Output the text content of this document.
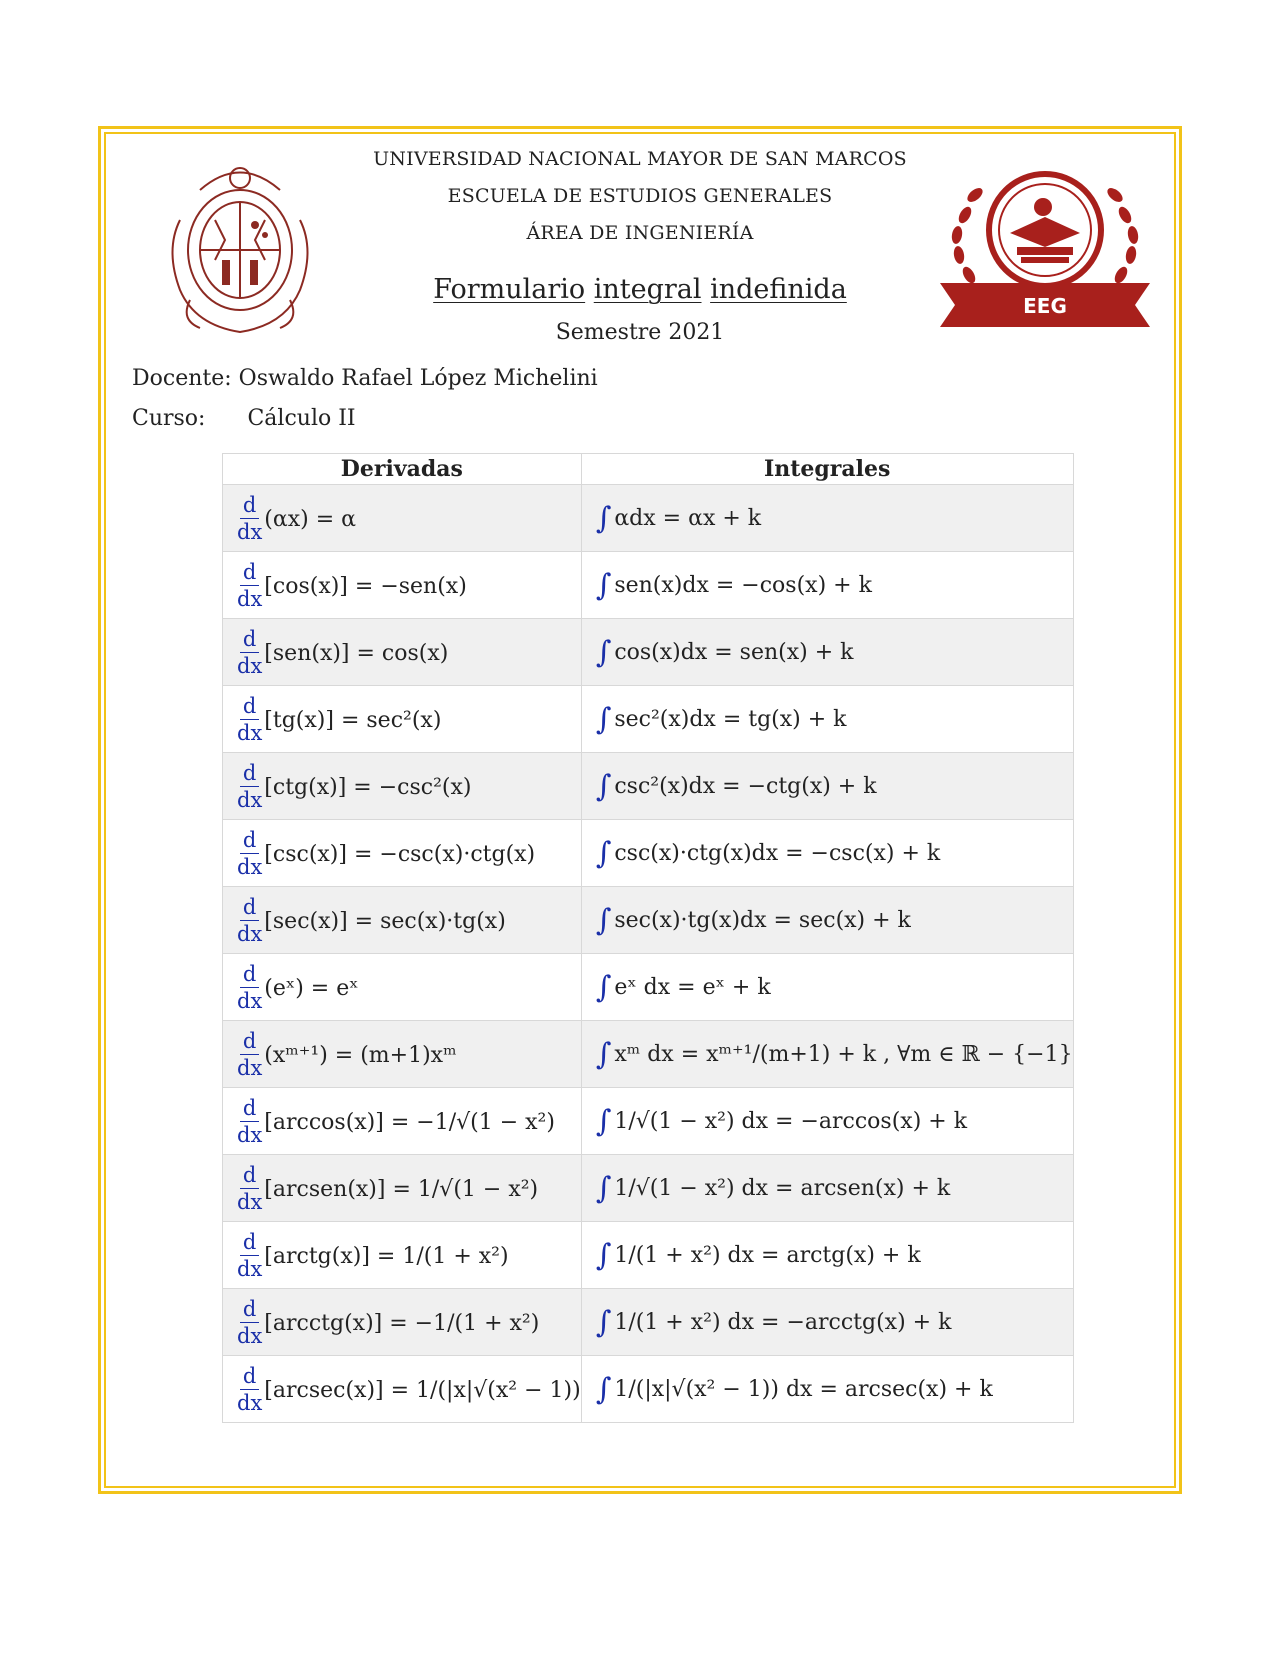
EEG
UNIVERSIDAD NACIONAL MAYOR DE SAN MARCOS
ESCUELA DE ESTUDIOS GENERALES
ÁREA DE INGENIERÍA
Formulario integral indefinida
Semestre 2021
Docente: Oswaldo Rafael López Michelini
Curso: Cálculo II
Derivadas	Integrales

$\frac{d}{dx} (\alpha x) = \alpha$	∫ αdx = αx + k

$\frac{d}{dx} [\cos(x)] = -sen(x)$	∫ sen(x)dx = −cos(x) + k

$\frac{d}{dx} [sen(x)] = \cos(x)$	∫ cos(x)dx = sen(x) + k

$\frac{d}{dx} [tg(x)] = \sec^2(x)$	∫ sec²(x)dx = tg(x) + k

$\frac{d}{dx} [ctg(x)] = -\csc^2(x)$	∫ csc²(x)dx = −ctg(x) + k

$\frac{d}{dx} [\csc(x)] = -\csc(x)\cdot ctg(x)$	∫ csc(x)·ctg(x)dx = −csc(x) + k

$\frac{d}{dx} [\sec(x)] = \sec(x)\cdot tg(x)$	∫ sec(x)·tg(x)dx = sec(x) + k

$\frac{d}{dx}$ (eˣ) = eˣ	∫ eˣ dx = eˣ + k

$\frac{d}{dx}$ (xᵐ⁺¹) = (m+1)xᵐ	∫ xᵐ dx = xᵐ⁺¹/(m+1) + k , ∀m ∈ ℝ − {−1}

$\frac{d}{dx} [\arccos(x)] = -1/√(1 - x^2)$	∫ 1/√(1 − x²) dx = −arccos(x) + k

$\frac{d}{dx}$ [arcsen(x)] = 1/√(1 − x²)	∫ 1/√(1 − x²) dx = arcsen(x) + k

$\frac{d}{dx}$ [arctg(x)] = 1/(1 + x²)	∫ 1/(1 + x²) dx = arctg(x) + k

$\frac{d}{dx}$ [arcctg(x)] = −1/(1 + x²)	∫ 1/(1 + x²) dx = −arcctg(x) + k

$\frac{d}{dx} [arcsec(x)] = 1/(|x|√(x^2 - 1))$	∫ 1/(|x|√(x² − 1)) dx = arcsec(x) + k
